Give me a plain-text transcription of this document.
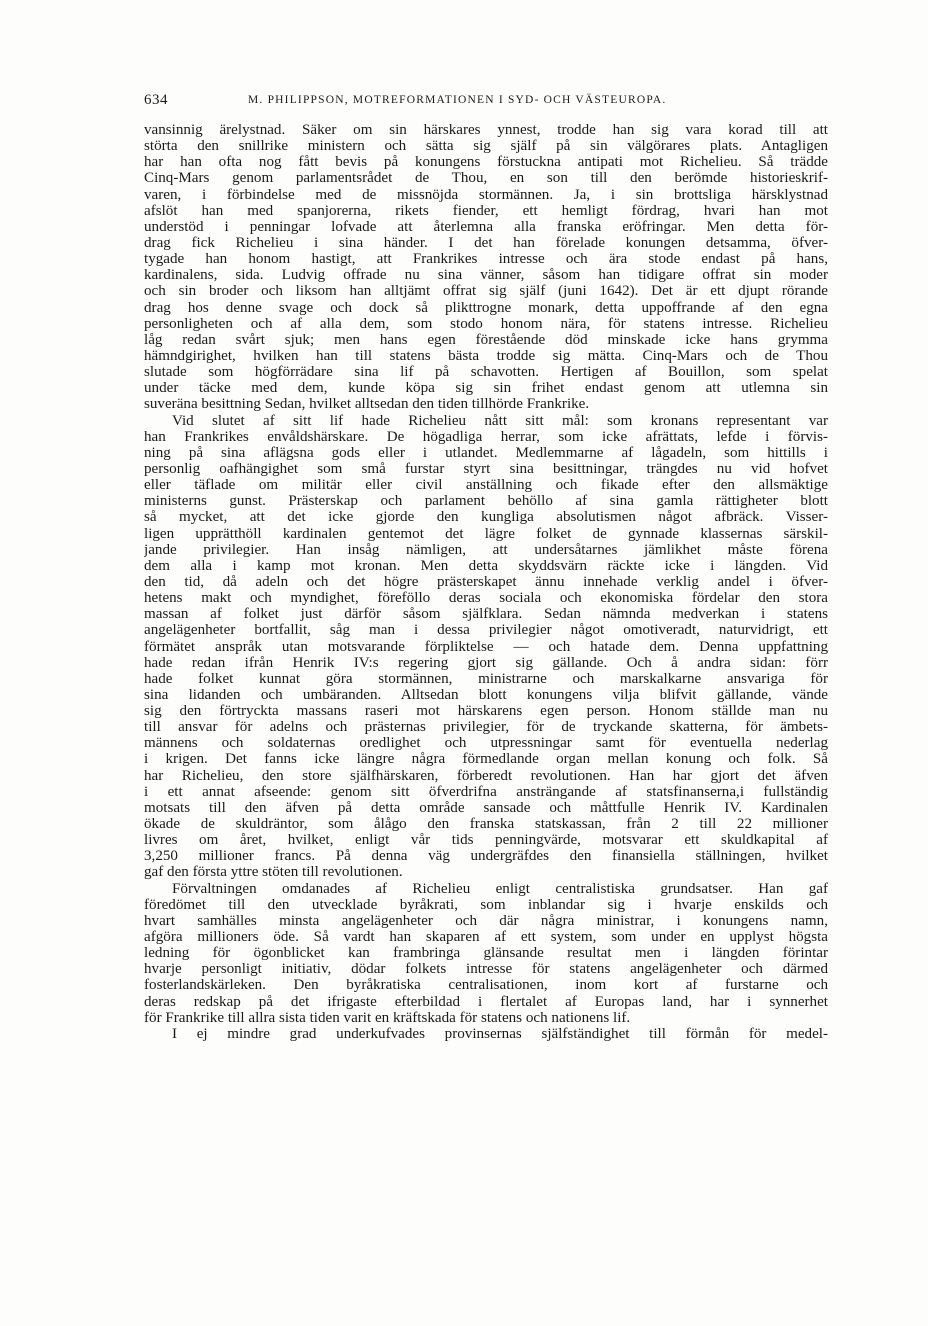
634	M. PHILIPPSON, MOTREFORMATIONEN I SYD- OCH VÄSTEUROPA.
vansinnig ärelystnad. Säker om sin härskares ynnest, trodde han sig vara korad till att
störta den snillrike ministern och sätta sig själf på sin välgörares plats. Antagligen
har han ofta nog fått bevis på konungens förstuckna antipati mot Richelieu. Så trädde
Cinq-Mars genom parlamentsrådet de Thou, en son till den berömde historieskrif-
varen, i förbindelse med de missnöjda stormännen. Ja, i sin brottsliga härsklystnad
afslöt han med spanjorerna, rikets fiender, ett hemligt fördrag, hvari han mot
understöd i penningar lofvade att återlemna alla franska eröfringar. Men detta för-
drag fick Richelieu i sina händer. I det han förelade konungen detsamma, öfver-
tygade han honom hastigt, att Frankrikes intresse och ära stode endast på hans,
kardinalens, sida. Ludvig offrade nu sina vänner, såsom han tidigare offrat sin moder
och sin broder och liksom han alltjämt offrat sig själf (juni 1642). Det är ett djupt rörande
drag hos denne svage och dock så plikttrogne monark, detta uppoffrande af den egna
personligheten och af alla dem, som stodo honom nära, för statens intresse. Richelieu
låg redan svårt sjuk; men hans egen förestående död minskade icke hans grymma
hämndgirighet, hvilken han till statens bästa trodde sig mätta. Cinq-Mars och de Thou
slutade som högförrädare sina lif på schavotten. Hertigen af Bouillon, som spelat
under täcke med dem, kunde köpa sig sin frihet endast genom att utlemna sin
suveräna besittning Sedan, hvilket alltsedan den tiden tillhörde Frankrike.
Vid slutet af sitt lif hade Richelieu nått sitt mål: som kronans representant var
han Frankrikes envåldshärskare. De högadliga herrar, som icke afrättats, lefde i förvis-
ning på sina aflägsna gods eller i utlandet. Medlemmarne af lågadeln, som hittills i
personlig oafhängighet som små furstar styrt sina besittningar, trängdes nu vid hofvet
eller täflade om militär eller civil anställning och fikade efter den allsmäktige
ministerns gunst. Prästerskap och parlament behöllo af sina gamla rättigheter blott
så mycket, att det icke gjorde den kungliga absolutismen något afbräck. Visser-
ligen upprätthöll kardinalen gentemot det lägre folket de gynnade klassernas särskil-
jande privilegier. Han insåg nämligen, att undersåtarnes jämlikhet måste förena
dem alla i kamp mot kronan. Men detta skyddsvärn räckte icke i längden. Vid
den tid, då adeln och det högre prästerskapet ännu innehade verklig andel i öfver-
hetens makt och myndighet, föreföllo deras sociala och ekonomiska fördelar den stora
massan af folket just därför såsom själfklara. Sedan nämnda medverkan i statens
angelägenheter bortfallit, såg man i dessa privilegier något omotiveradt, naturvidrigt, ett
förmätet anspråk utan motsvarande förpliktelse — och hatade dem. Denna uppfattning
hade redan ifrån Henrik IV:s regering gjort sig gällande. Och å andra sidan: förr
hade folket kunnat göra stormännen, ministrarne och marskalkarne ansvariga för
sina lidanden och umbäranden. Alltsedan blott konungens vilja blifvit gällande, vände
sig den förtryckta massans raseri mot härskarens egen person. Honom ställde man nu
till ansvar för adelns och prästernas privilegier, för de tryckande skatterna, för ämbets-
männens och soldaternas oredlighet och utpressningar samt för eventuella nederlag
i krigen. Det fanns icke längre några förmedlande organ mellan konung och folk. Så
har Richelieu, den store själfhärskaren, förberedt revolutionen. Han har gjort det äfven
i ett annat afseende: genom sitt öfverdrifna ansträngande af statsfinanserna,i fullständig
motsats till den äfven på detta område sansade och måttfulle Henrik IV. Kardinalen
ökade de skuldräntor, som ålågo den franska statskassan, från 2 till 22 millioner
livres om året, hvilket, enligt vår tids penningvärde, motsvarar ett skuldkapital af
3,250 millioner francs. På denna väg undergräfdes den finansiella ställningen, hvilket
gaf den första yttre stöten till revolutionen.
Förvaltningen omdanades af Richelieu enligt centralistiska grundsatser. Han gaf
föredömet till den utvecklade byråkrati, som inblandar sig i hvarje enskilds och
hvart samhälles minsta angelägenheter och där några ministrar, i konungens namn,
afgöra millioners öde. Så vardt han skaparen af ett system, som under en upplyst högsta
ledning för ögonblicket kan frambringa glänsande resultat men i längden förintar
hvarje personligt initiativ, dödar folkets intresse för statens angelägenheter och därmed
fosterlandskärleken. Den byråkratiska centralisationen, inom kort af furstarne och
deras redskap på det ifrigaste efterbildad i flertalet af Europas land, har i synnerhet
för Frankrike till allra sista tiden varit en kräftskada för statens och nationens lif.
I ej mindre grad underkufvades provinsernas själfständighet till förmån för medel-
